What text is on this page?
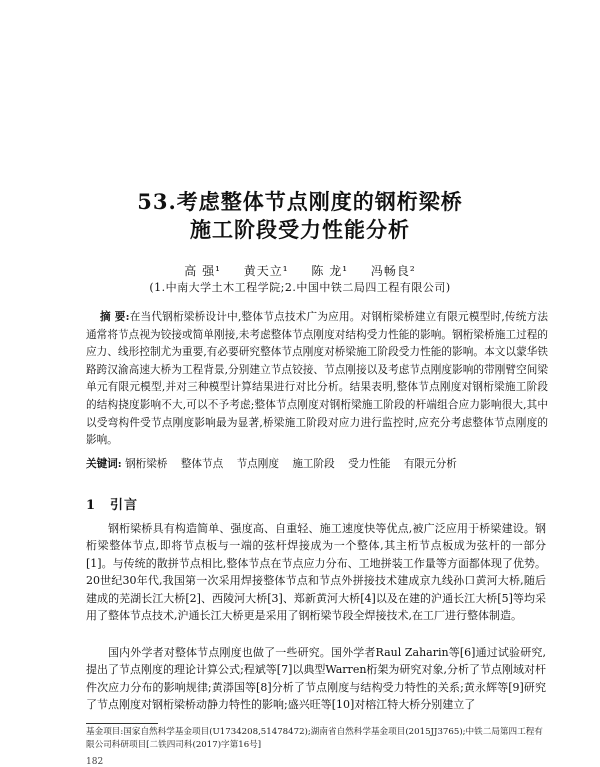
53.考虑整体节点刚度的钢桁梁桥
施工阶段受力性能分析
高 强¹ 黄天立¹ 陈 龙¹ 冯畅良²
(1.中南大学土木工程学院;2.中国中铁二局四工程有限公司)
摘 要:在当代钢桁梁桥设计中,整体节点技术广为应用。对钢桁梁桥建立有限元模型时,传统方法通常将节点视为铰接或简单刚接,未考虑整体节点刚度对结构受力性能的影响。钢桁梁桥施工过程的应力、线形控制尤为重要,有必要研究整体节点刚度对桥梁施工阶段受力性能的影响。本文以蒙华铁路跨汉渝高速大桥为工程背景,分别建立节点铰接、节点刚接以及考虑节点刚度影响的带刚臂空间梁单元有限元模型,并对三种模型计算结果进行对比分析。结果表明,整体节点刚度对钢桁梁施工阶段的结构挠度影响不大,可以不予考虑;整体节点刚度对钢桁梁施工阶段的杆端组合应力影响很大,其中以受弯构件受节点刚度影响最为显著,桥梁施工阶段对应力进行监控时,应充分考虑整体节点刚度的影响。
关键词: 钢桁梁桥 整体节点 节点刚度 施工阶段 受力性能 有限元分析
1 引言
钢桁梁桥具有构造简单、强度高、自重轻、施工速度快等优点,被广泛应用于桥梁建设。钢桁梁整体节点,即将节点板与一端的弦杆焊接成为一个整体,其主桁节点板成为弦杆的一部分[1]。与传统的散拼节点相比,整体节点在节点应力分布、工地拼装工作量等方面都体现了优势。20世纪30年代,我国第一次采用焊接整体节点和节点外拼接技术建成京九线孙口黄河大桥,随后建成的芜湖长江大桥[2]、西陵河大桥[3]、郑新黄河大桥[4]以及在建的沪通长江大桥[5]等均采用了整体节点技术,沪通长江大桥更是采用了钢桁梁节段全焊接技术,在工厂进行整体制造。
国内外学者对整体节点刚度也做了一些研究。国外学者Raul Zaharin等[6]通过试验研究,提出了节点刚度的理论计算公式;程斌等[7]以典型Warren桁架为研究对象,分析了节点刚域对杆件次应力分布的影响规律;黄漭国等[8]分析了节点刚度与结构受力特性的关系;黄永辉等[9]研究了节点刚度对钢桁梁桥动静力特性的影响;盛兴旺等[10]对榕江特大桥分别建立了
基金项目:国家自然科学基金项目(U1734208,51478472);湖南省自然科学基金项目(2015JJ3765);中铁二局第四工程有限公司科研项目[二铁四司科(2017)字第16号]
182
